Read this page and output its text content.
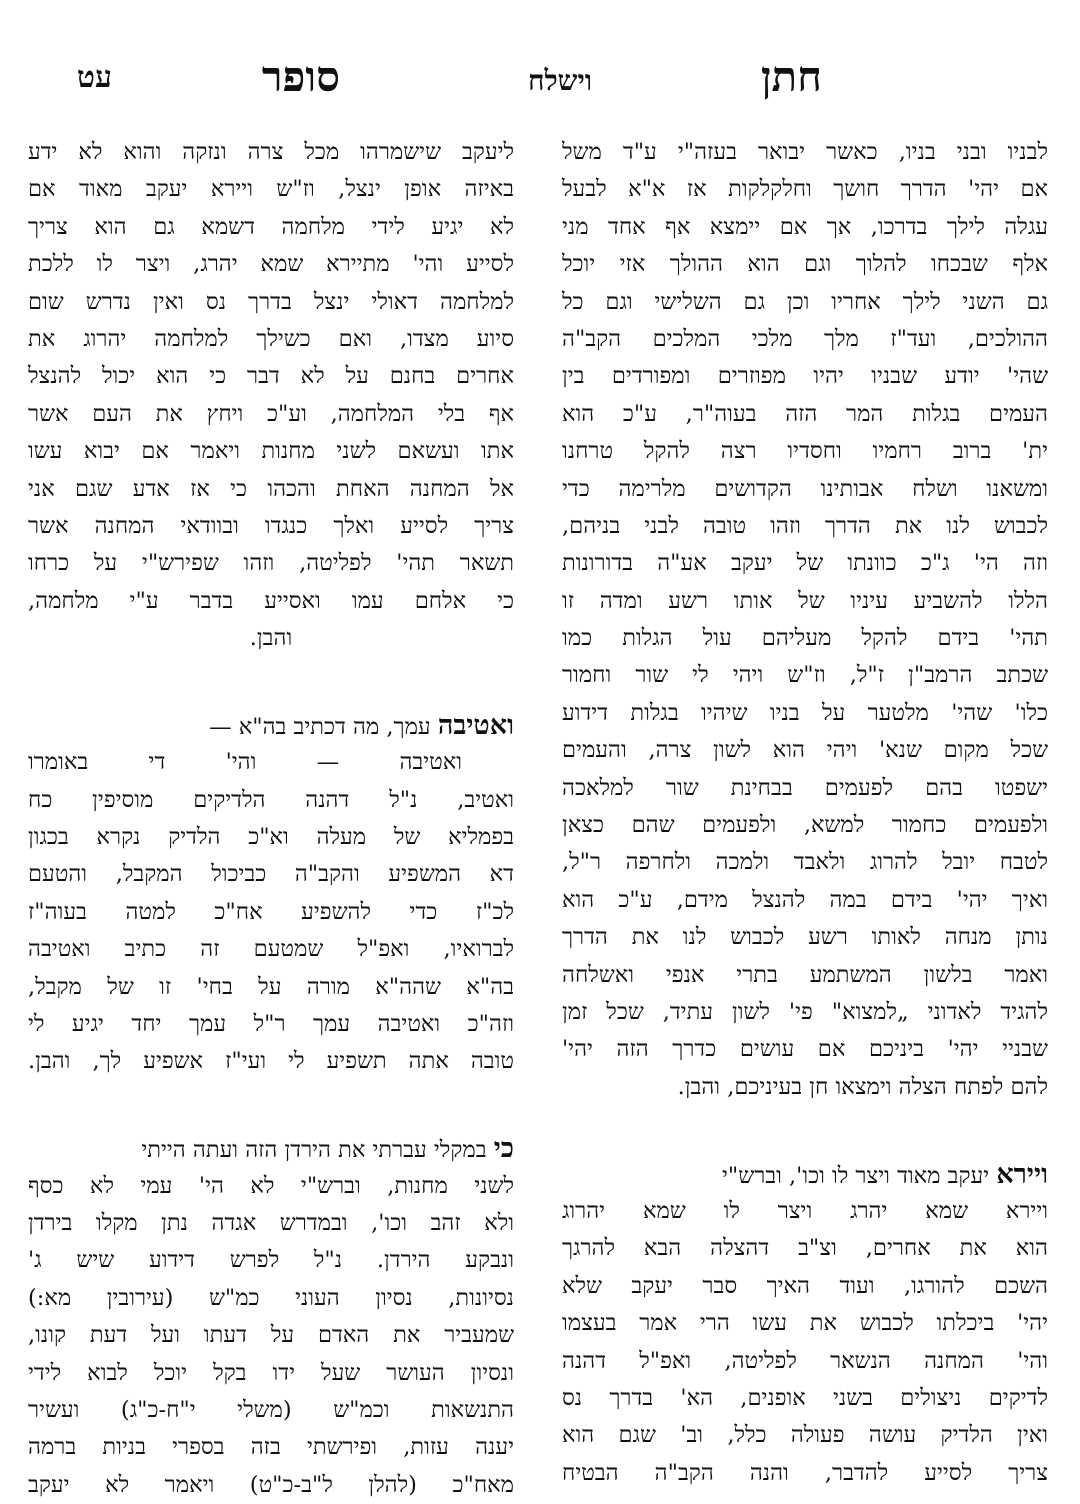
חתן
וישלח
סופר
עט
לבניו ובני בניו, כאשר יבואר בעזה"י ע"ד משל
אם יהי' הדרך חושך וחלקלקות אז א"א לבעל
עגלה לילך בדרכו, אך אם יימצא אף אחד מני
אלף שבכחו להלוך וגם הוא ההולך אזי יוכל
גם השני לילך אחריו וכן גם השלישי וגם כל
ההולכים, ועד"ז מלך מלכי המלכים הקב"ה
שהי' יודע שבניו יהיו מפוזרים ומפורדים בין
העמים בגלות המר הזה בעוה"ר, ע"כ הוא
ית' ברוב רחמיו וחסדיו רצה להקל טרחנו
ומשאנו ושלח אבותינו הקדושים מלרימה כדי
לכבוש לנו את הדרך וזהו טובה לבני בניהם,
וזה הי' ג"כ כוונתו של יעקב אע"ה בדורונות
הללו להשביע עיניו של אותו רשע ומדה זו
תהי' בידם להקל מעליהם עול הגלות כמו
שכתב הרמב"ן ז"ל, וז"ש ויהי לי שור וחמור
כלו' שהי' מלטער על בניו שיהיו בגלות דידוע
שכל מקום שנא' ויהי הוא לשון צרה, והעמים
ישפטו בהם לפעמים בבחינת שור למלאכה
ולפעמים כחמור למשא, ולפעמים שהם כצאן
לטבח יובל להרוג ולאבד ולמכה ולחרפה ר"ל,
ואיך יהי' בידם במה להנצל מידם, ע"כ הוא
נותן מנחה לאותו רשע לכבוש לנו את הדרך
ואמר בלשון המשתמע בתרי אנפי ואשלחה
להגיד לאדוני „למצוא" פי' לשון עתיד, שכל זמן
שבניי יהי' ביניכם אם עושים כדרך הזה יהי'
להם לפתח הצלה וימצאו חן בעיניכם, והבן.
ויירא יעקב מאוד ויצר לו וכו', וברש"י
ויירא שמא יהרג ויצר לו שמא יהרוג
הוא את אחרים, וצ"ב דהצלה הבא להרגך
השכם להורגו, ועוד האיך סבר יעקב שלא
יהי' ביכלתו לכבוש את עשו הרי אמר בעצמו
והי' המחנה הנשאר לפליטה, ואפ"ל דהנה
לדיקים ניצולים בשני אופנים, הא' בדרך נס
ואין הלדיק עושה פעולה כלל, וב' שגם הוא
צריך לסייע להדבר, והנה הקב"ה הבטיח
ליעקב שישמרהו מכל צרה ונזקה והוא לא ידע
באיזה אופן ינצל, וז"ש ויירא יעקב מאוד אם
לא יגיע לידי מלחמה דשמא גם הוא צריך
לסייע והי' מתיירא שמא יהרג, ויצר לו ללכת
למלחמה דאולי ינצל בדרך נס ואין נדרש שום
סיוע מצדו, ואם כשילך למלחמה יהרוג את
אחרים בחנם על לא דבר כי הוא יכול להנצל
אף בלי המלחמה, וע"כ ויחץ את העם אשר
אתו ועשאם לשני מחנות ויאמר אם יבוא עשו
אל המחנה האחת והכהו כי אז אדע שגם אני
צריך לסייע ואלך כנגדו ובוודאי המחנה אשר
תשאר תהי' לפליטה, וזהו שפירש"י על כרחו
כי אלחם עמו ואסייע בדבר ע"י מלחמה,
והבן.
ואטיבה עמך, מה דכתיב בה"א —
ואטיבה — והי' די באומרו
ואטיב, נ"ל דהנה הלדיקים מוסיפין כח
בפמליא של מעלה וא"כ הלדיק נקרא בכגון
דא המשפיע והקב"ה כביכול המקבל, והטעם
לכ"ז כדי להשפיע אח"כ למטה בעוה"ז
לברואיו, ואפ"ל שמטעם זה כתיב ואטיבה
בה"א שהה"א מורה על בחי' זו של מקבל,
וזה"כ ואטיבה עמך ר"ל עמך יחד יגיע לי
טובה אתה תשפיע לי ועי"ז אשפיע לך, והבן.
כי במקלי עברתי את הירדן הזה ועתה הייתי
לשני מחנות, וברש"י לא הי' עמי לא כסף
ולא זהב וכו', ובמדרש אגדה נתן מקלו בירדן
ונבקע הירדן. נ"ל לפרש דידוע שיש ג'
נסיונות, נסיון העוני כמ"ש (עירובין מא:)
שמעביר את האדם על דעתו ועל דעת קונו,
ונסיון העושר שעל ידו בקל יוכל לבוא לידי
התנשאות וכמ"ש (משלי י"ח-כ"ג) ועשיר
יענה עזות, ופירשתי בזה בספרי בניות ברמה
מאח"כ (להלן ל"ב-כ"ט) ויאמר לא יעקב
